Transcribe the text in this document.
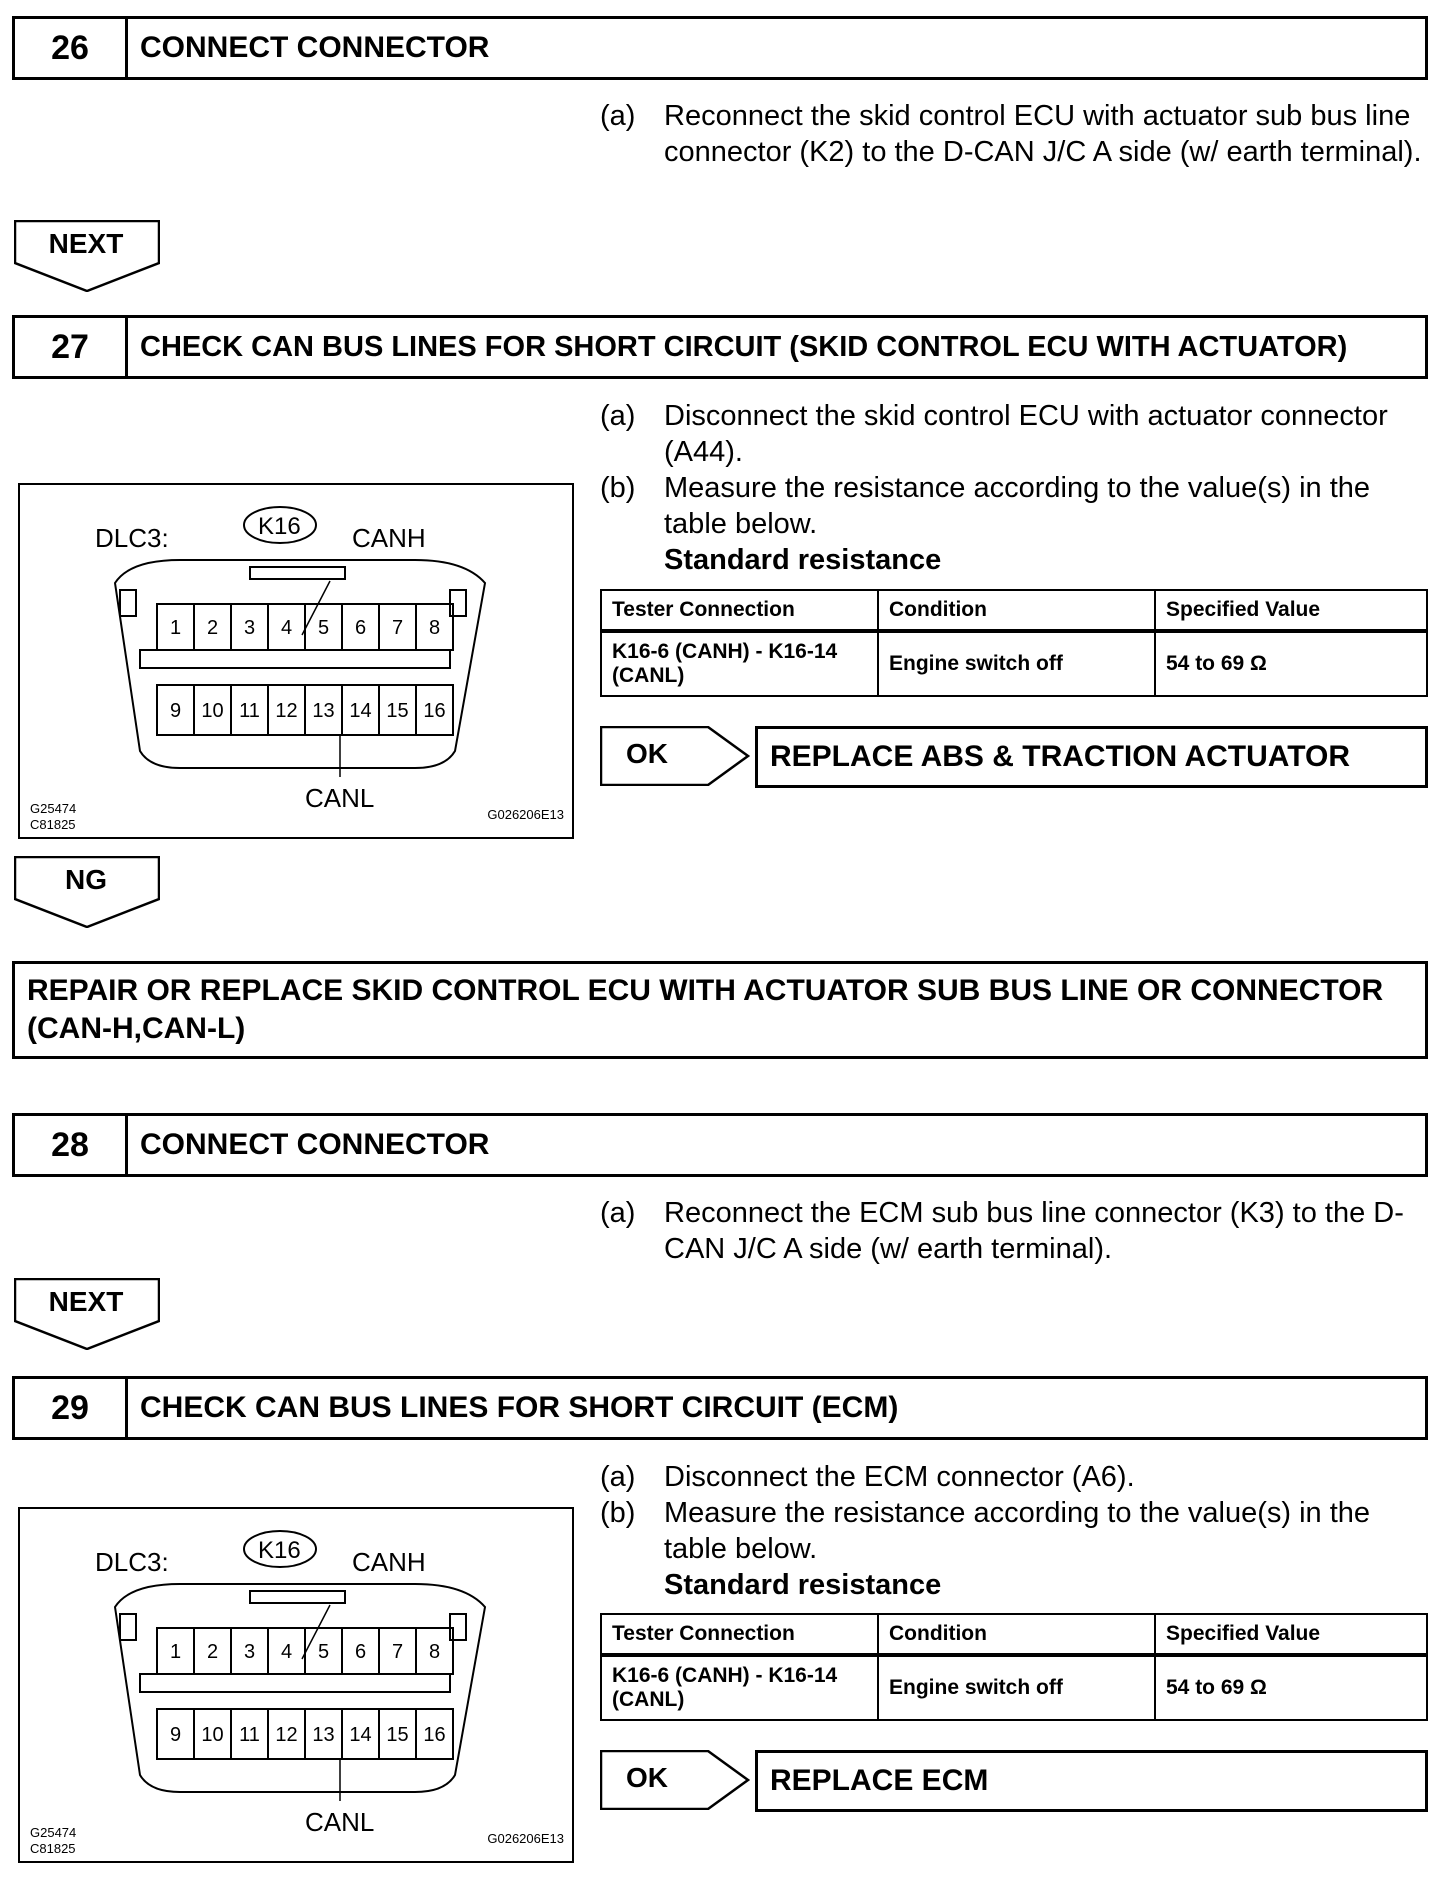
26	CONNECT CONNECTOR
(a) Reconnect the skid control ECU with actuator sub bus line connector (K2) to the D-CAN J/C A side (w/ earth terminal).
NEXT
27	CHECK CAN BUS LINES FOR SHORT CIRCUIT (SKID CONTROL ECU WITH ACTUATOR)
(a) Disconnect the skid control ECU with actuator connector (A44).
(b) Measure the resistance according to the value(s) in the table below.
Standard resistance
Tester Connection	Condition	Specified Value
K16-6 (CANH) - K16-14 (CANL)	Engine switch off	54 to 69 Ω
OK	REPLACE ABS & TRACTION ACTUATOR
1 2 3 4 5 6 7 8
9 10 11 12 13 14 15 16
DLC3:	K16 CANH
CANL
G25474
C81825
G026206E13
NG
REPAIR OR REPLACE SKID CONTROL ECU WITH ACTUATOR SUB BUS LINE OR CONNECTOR (CAN-H,CAN-L)
28	CONNECT CONNECTOR
(a) Reconnect the ECM sub bus line connector (K3) to the D-CAN J/C A side (w/ earth terminal).
NEXT
29	CHECK CAN BUS LINES FOR SHORT CIRCUIT (ECM)
(a) Disconnect the ECM connector (A6).
(b) Measure the resistance according to the value(s) in the table below.
Standard resistance
Tester Connection	Condition	Specified Value
K16-6 (CANH) - K16-14 (CANL)	Engine switch off	54 to 69 Ω
OK	REPLACE ECM
1 2 3 4 5 6 7 8
9 10 11 12 13 14 15 16
DLC3:	K16 CANH
CANL
G25474
C81825
G026206E13
